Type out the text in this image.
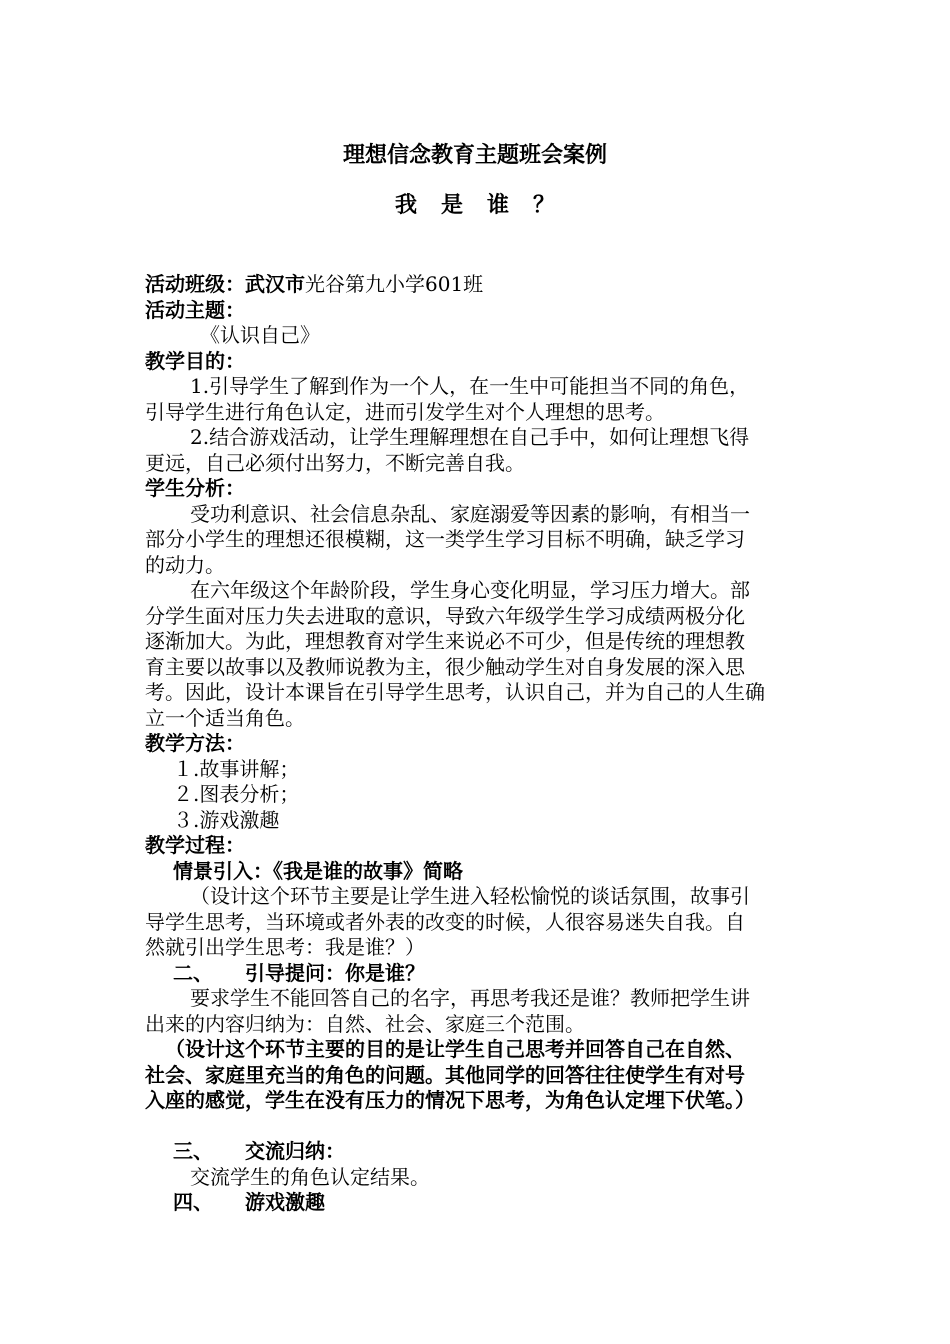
理想信念教育主题班会案例
我是谁？
活动班级：武汉市光谷第九小学601班
活动主题：
《认识自己》
教学目的：
1.引导学生了解到作为一个人，在一生中可能担当不同的角色，
引导学生进行角色认定，进而引发学生对个人理想的思考。
2.结合游戏活动，让学生理解理想在自己手中，如何让理想飞得
更远，自己必须付出努力，不断完善自我。
学生分析：
受功利意识、社会信息杂乱、家庭溺爱等因素的影响，有相当一
部分小学生的理想还很模糊，这一类学生学习目标不明确，缺乏学习
的动力。
在六年级这个年龄阶段，学生身心变化明显，学习压力增大。部
分学生面对压力失去进取的意识，导致六年级学生学习成绩两极分化
逐渐加大。为此，理想教育对学生来说必不可少，但是传统的理想教
育主要以故事以及教师说教为主，很少触动学生对自身发展的深入思
考。因此，设计本课旨在引导学生思考，认识自己，并为自己的人生确
立一个适当角色。
教学方法：
１.故事讲解；
２.图表分析；
３.游戏激趣
教学过程：
情景引入：《我是谁的故事》简略
（设计这个环节主要是让学生进入轻松愉悦的谈话氛围，故事引
导学生思考，当环境或者外表的改变的时候，人很容易迷失自我。自
然就引出学生思考：我是谁？）
二、 引导提问：你是谁？
要求学生不能回答自己的名字，再思考我还是谁？教师把学生讲
出来的内容归纳为：自然、社会、家庭三个范围。
（设计这个环节主要的目的是让学生自己思考并回答自己在自然、
社会、家庭里充当的角色的问题。其他同学的回答往往使学生有对号
入座的感觉，学生在没有压力的情况下思考，为角色认定埋下伏笔。）
三、 交流归纳：
交流学生的角色认定结果。
四、 游戏激趣
